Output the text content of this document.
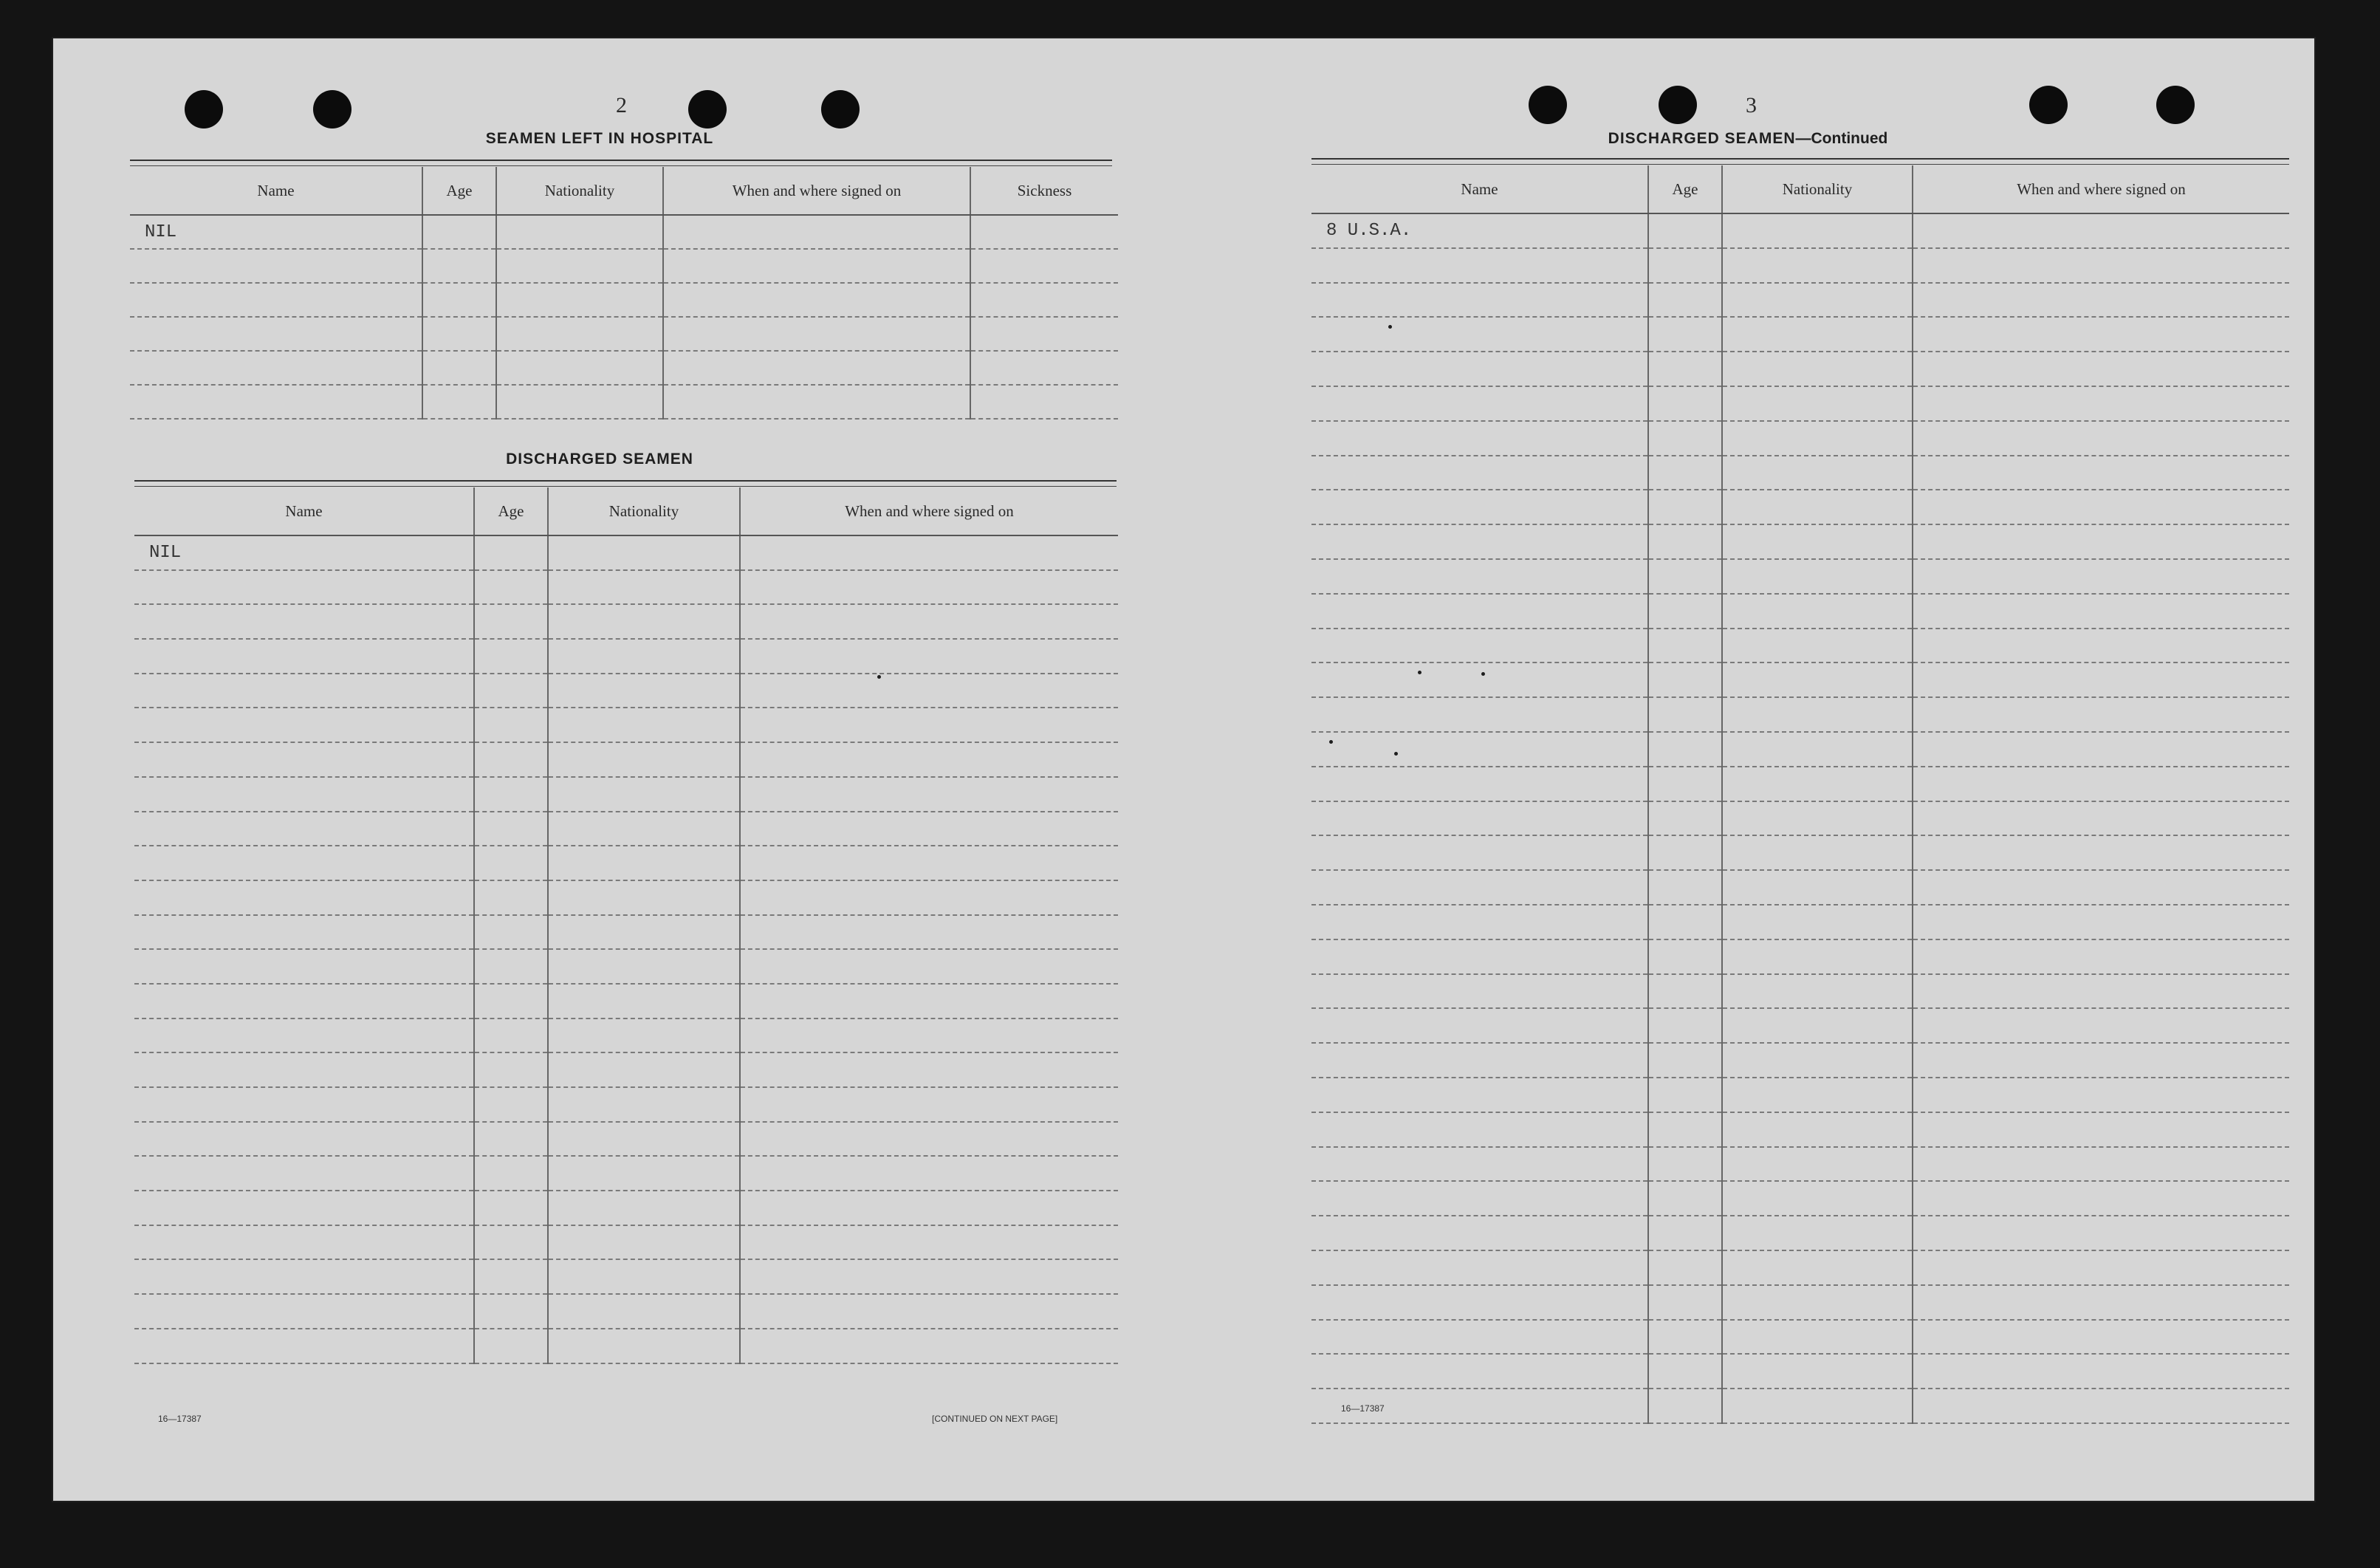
2
SEAMEN LEFT IN HOSPITAL
Name	Age	Nationality	When and where signed on	Sickness
NIL				

DISCHARGED SEAMEN
Name	Age	Nationality	When and where signed on
NIL			

16—17387	[CONTINUED ON NEXT PAGE]
3
DISCHARGED SEAMEN—Continued
Name	Age	Nationality	When and where signed on
8 U.S.A.			

16—17387
